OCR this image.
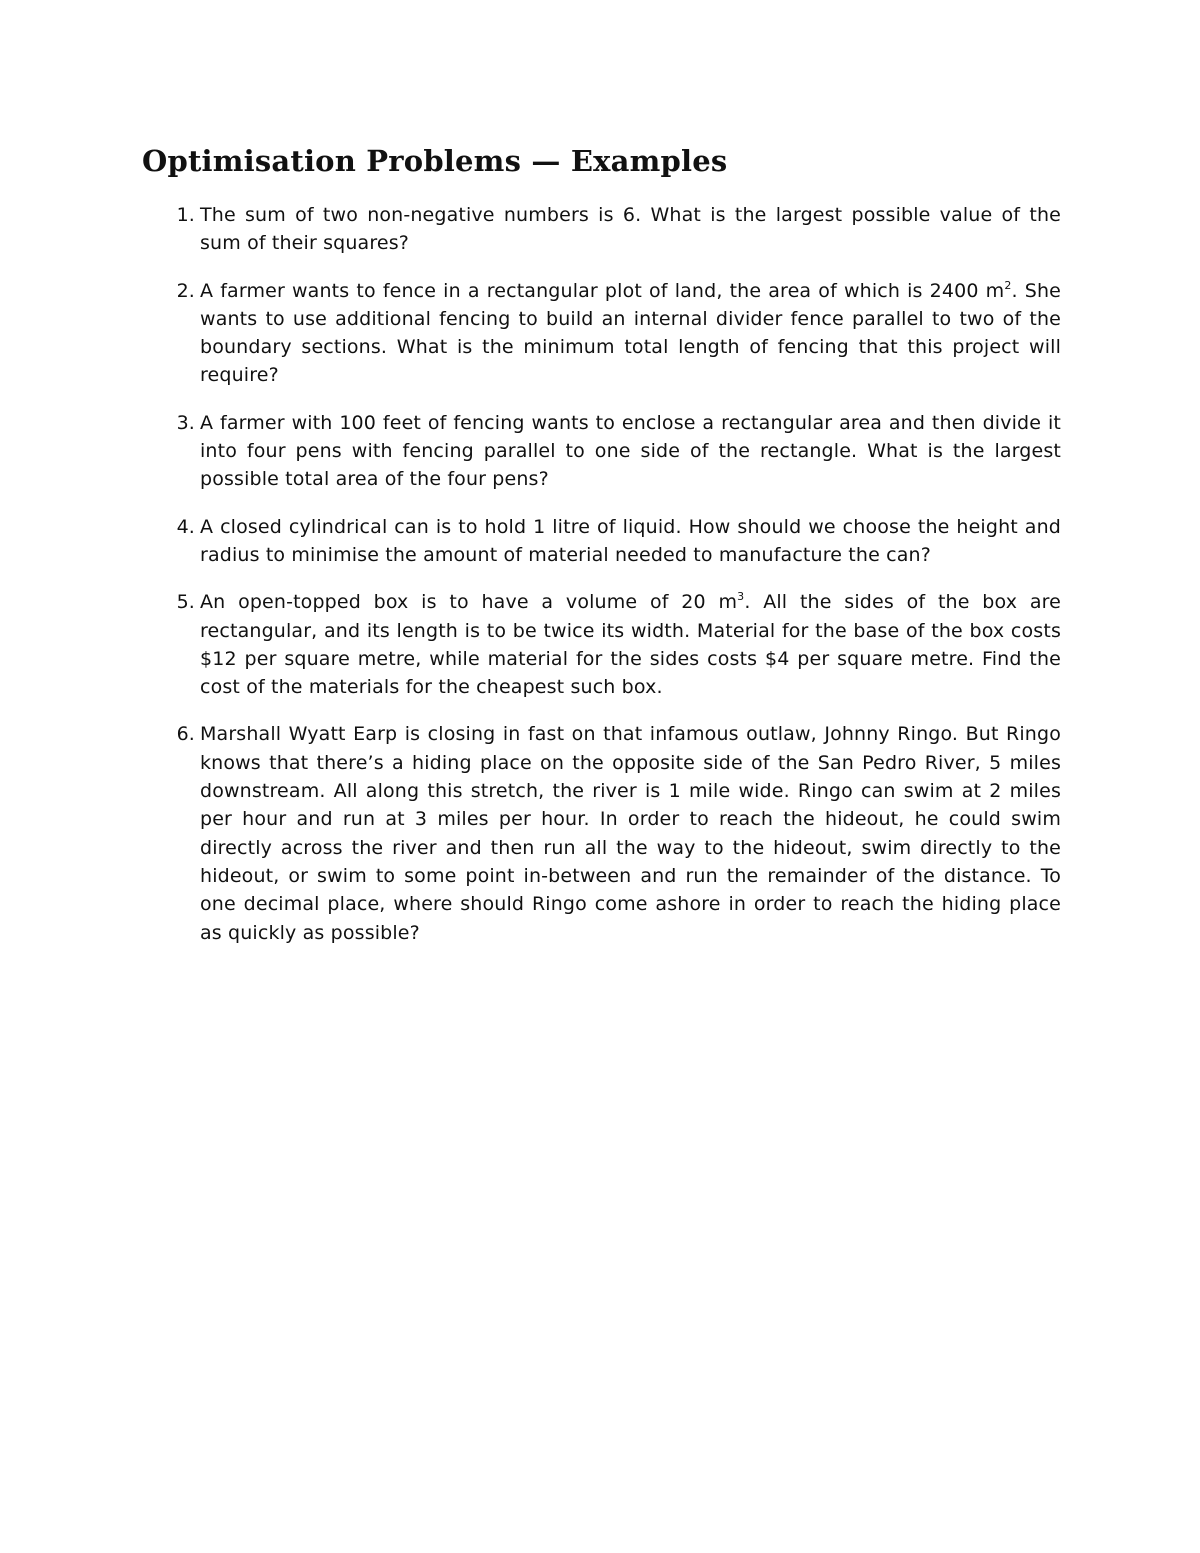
Optimisation Problems — Examples
1. The sum of two non-negative numbers is 6. What is the largest possible value of the sum of their squares?
2. A farmer wants to fence in a rectangular plot of land, the area of which is 2400 $m^2$. She wants to use additional fencing to build an internal divider fence parallel to two of the boundary sections. What is the minimum total length of fencing that this project will require?
3. A farmer with 100 feet of fencing wants to enclose a rectangular area and then divide it into four pens with fencing parallel to one side of the rectangle. What is the largest possible total area of the four pens?
4. A closed cylindrical can is to hold 1 litre of liquid. How should we choose the height and radius to minimise the amount of material needed to manufacture the can?
5. An open-topped box is to have a volume of 20 $m^3$. All the sides of the box are rectangular, and its length is to be twice its width. Material for the base of the box costs $12 per square metre, while material for the sides costs $4 per square metre. Find the cost of the materials for the cheapest such box.
6. Marshall Wyatt Earp is closing in fast on that infamous outlaw, Johnny Ringo. But Ringo knows that there’s a hiding place on the opposite side of the San Pedro River, 5 miles downstream. All along this stretch, the river is 1 mile wide. Ringo can swim at 2 miles per hour and run at 3 miles per hour. In order to reach the hideout, he could swim directly across the river and then run all the way to the hideout, swim directly to the hideout, or swim to some point in-between and run the remainder of the distance. To one decimal place, where should Ringo come ashore in order to reach the hiding place as quickly as possible?
